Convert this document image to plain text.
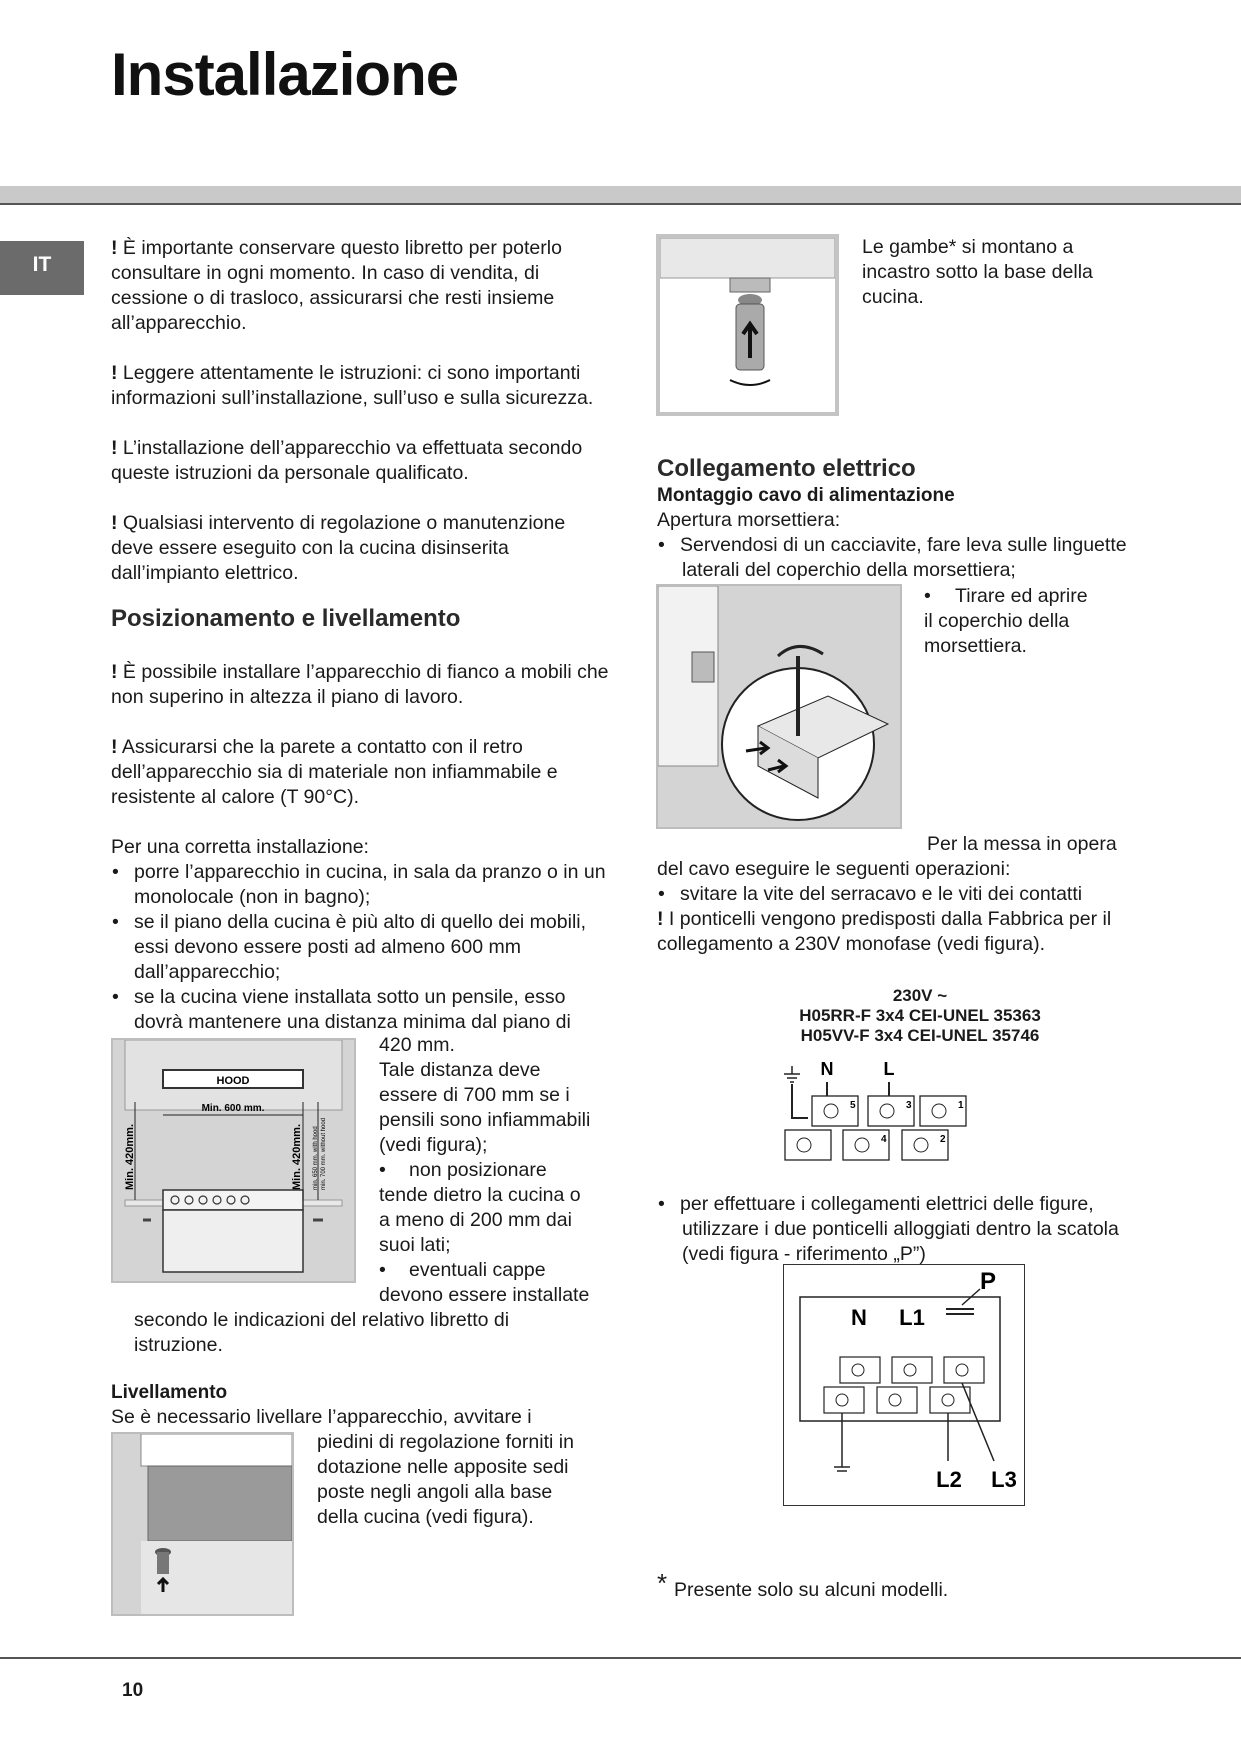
Installazione
IT

! È importante conservare questo libretto per poterlo consultare in ogni momento. In caso di vendita, di cessione o di trasloco, assicurarsi che resti insieme all’apparecchio.

! Leggere attentamente le istruzioni: ci sono importanti informazioni sull’installazione, sull’uso e sulla sicurezza.

! L’installazione dell’apparecchio va effettuata secondo queste istruzioni da personale qualificato.

! Qualsiasi intervento di regolazione o manutenzione deve essere eseguito con la cucina disinserita dall’impianto elettrico.

Posizionamento e livellamento

! È possibile installare l’apparecchio di fianco a mobili che non superino in altezza il piano di lavoro.

! Assicurarsi che la parete a contatto con il retro dell’apparecchio sia di materiale non infiammabile e resistente al calore (T 90°C).

Per una corretta installazione:

• porre l’apparecchio in cucina, in sala da pranzo o in un monolocale (non in bagno);
• se il piano della cucina è più alto di quello dei mobili, essi devono essere posti ad almeno 600 mm dall’apparecchio;
• se la cucina viene installata sotto un pensile, esso dovrà mantenere una distanza minima dal piano di
HOOD
Min. 600 mm.
Min. 420mm.	Min. 420mm. min. 650 mm. with hood min. 700 mm. without hood

420 mm.

Tale distanza deve

essere di 700 mm se i

pensili sono infiammabili

(vedi figura);

• non posizionare

tende dietro la cucina o

a meno di 200 mm dai

suoi lati;

• eventuali cappe

devono essere installate

secondo le indicazioni del relativo libretto di

istruzione.

Livellamento
Se è necessario livellare l’apparecchio, avvitare i

piedini di regolazione forniti in

dotazione nelle apposite sedi

poste negli angoli alla base

della cucina (vedi figura).

Le gambe* si montano a

incastro sotto la base della

cucina.

Collegamento elettrico
Montaggio cavo di alimentazione

Apertura morsettiera:

• Servendosi di un cacciavite, fare leva sulle linguette

laterali del coperchio della morsettiera;

• Tirare ed aprire

il coperchio della

morsettiera.

Per la messa in opera

del cavo eseguire le seguenti operazioni:

• svitare la vite del serracavo e le viti dei contatti

! I ponticelli vengono predisposti dalla Fabbrica per il collegamento a 230V monofase (vedi figura).

230V ~
H05RR-F 3x4 CEI-UNEL 35363
H05VV-F 3x4 CEI-UNEL 35746
N	L
5	3	1
4	2
• per effettuare i collegamenti elettrici delle figure,

utilizzare i due ponticelli alloggiati dentro la scatola

(vedi figura - riferimento „P”)

P
N L1
L2 L3
* Presente solo su alcuni modelli.
10
